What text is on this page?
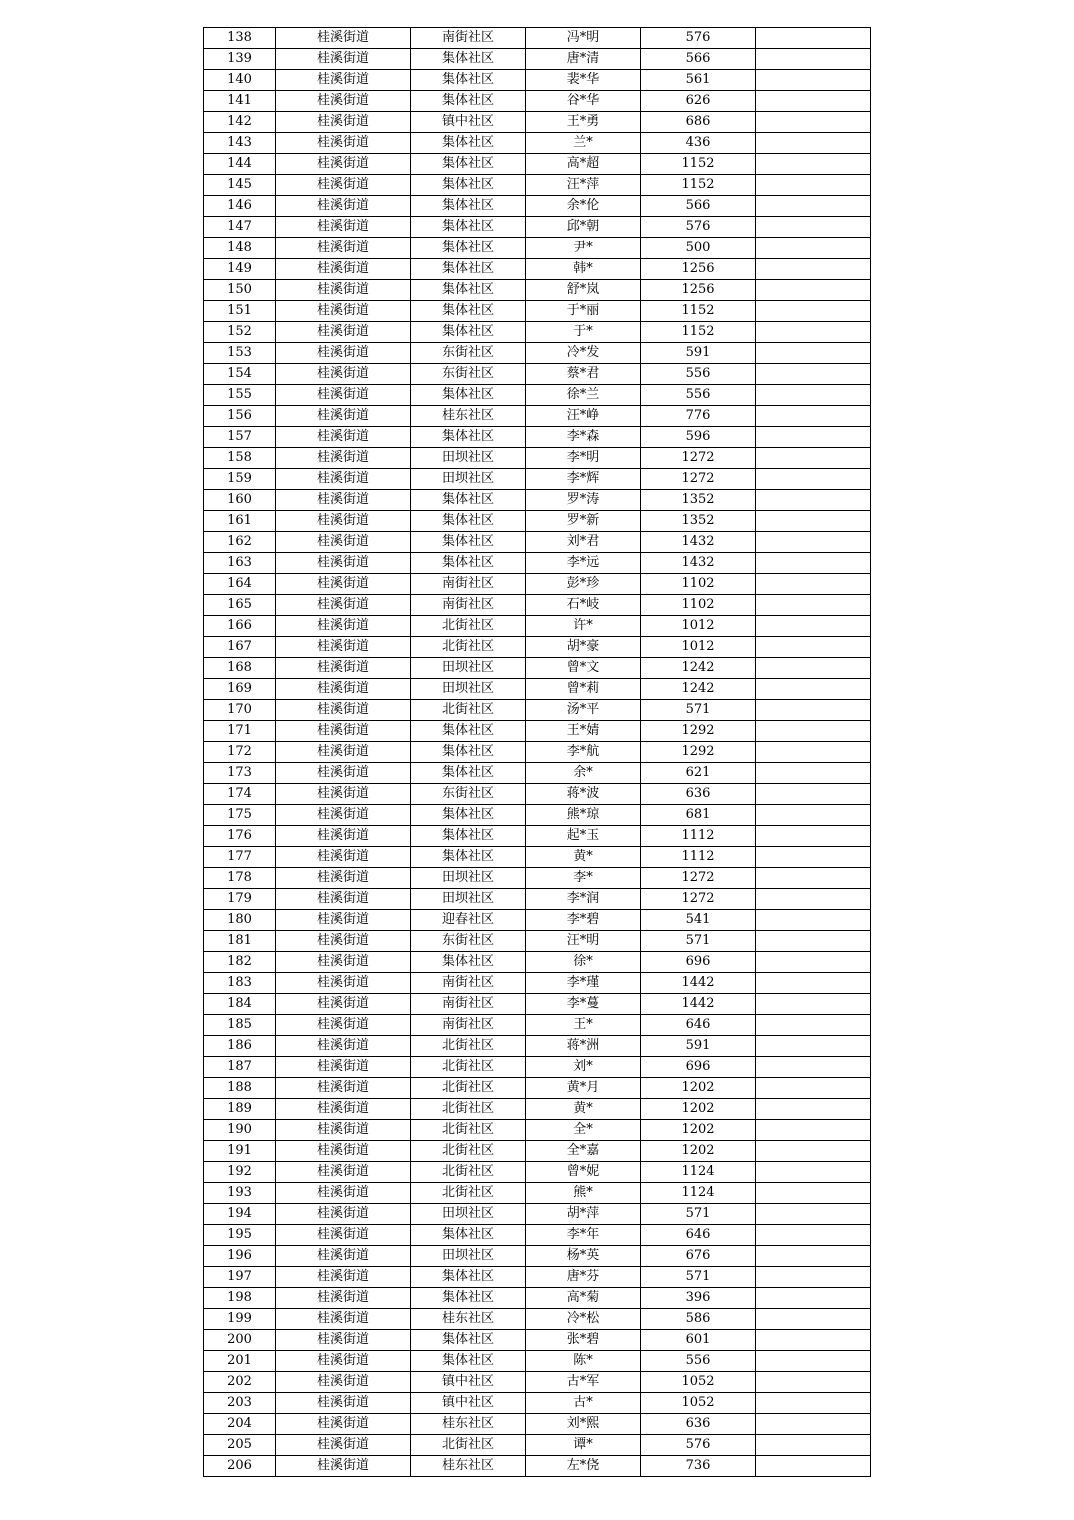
138	桂溪街道	南街社区	冯*明	576	
139	桂溪街道	集体社区	唐*清	566	
140	桂溪街道	集体社区	裴*华	561	
141	桂溪街道	集体社区	谷*华	626	
142	桂溪街道	镇中社区	王*勇	686	
143	桂溪街道	集体社区	兰*	436	
144	桂溪街道	集体社区	高*超	1152	
145	桂溪街道	集体社区	汪*萍	1152	
146	桂溪街道	集体社区	余*伦	566	
147	桂溪街道	集体社区	邱*朝	576	
148	桂溪街道	集体社区	尹*	500	
149	桂溪街道	集体社区	韩*	1256	
150	桂溪街道	集体社区	舒*岚	1256	
151	桂溪街道	集体社区	于*丽	1152	
152	桂溪街道	集体社区	于*	1152	
153	桂溪街道	东街社区	冷*发	591	
154	桂溪街道	东街社区	蔡*君	556	
155	桂溪街道	集体社区	徐*兰	556	
156	桂溪街道	桂东社区	汪*峥	776	
157	桂溪街道	集体社区	李*森	596	
158	桂溪街道	田坝社区	李*明	1272	
159	桂溪街道	田坝社区	李*辉	1272	
160	桂溪街道	集体社区	罗*涛	1352	
161	桂溪街道	集体社区	罗*新	1352	
162	桂溪街道	集体社区	刘*君	1432	
163	桂溪街道	集体社区	李*远	1432	
164	桂溪街道	南街社区	彭*珍	1102	
165	桂溪街道	南街社区	石*岐	1102	
166	桂溪街道	北街社区	许*	1012	
167	桂溪街道	北街社区	胡*豪	1012	
168	桂溪街道	田坝社区	曾*文	1242	
169	桂溪街道	田坝社区	曾*莉	1242	
170	桂溪街道	北街社区	汤*平	571	
171	桂溪街道	集体社区	王*婧	1292	
172	桂溪街道	集体社区	李*航	1292	
173	桂溪街道	集体社区	余*	621	
174	桂溪街道	东街社区	蒋*波	636	
175	桂溪街道	集体社区	熊*琼	681	
176	桂溪街道	集体社区	起*玉	1112	
177	桂溪街道	集体社区	黄*	1112	
178	桂溪街道	田坝社区	李*	1272	
179	桂溪街道	田坝社区	李*润	1272	
180	桂溪街道	迎春社区	李*碧	541	
181	桂溪街道	东街社区	汪*明	571	
182	桂溪街道	集体社区	徐*	696	
183	桂溪街道	南街社区	李*瑾	1442	
184	桂溪街道	南街社区	李*蔓	1442	
185	桂溪街道	南街社区	王*	646	
186	桂溪街道	北街社区	蒋*洲	591	
187	桂溪街道	北街社区	刘*	696	
188	桂溪街道	北街社区	黄*月	1202	
189	桂溪街道	北街社区	黄*	1202	
190	桂溪街道	北街社区	全*	1202	
191	桂溪街道	北街社区	全*嘉	1202	
192	桂溪街道	北街社区	曾*妮	1124	
193	桂溪街道	北街社区	熊*	1124	
194	桂溪街道	田坝社区	胡*萍	571	
195	桂溪街道	集体社区	李*年	646	
196	桂溪街道	田坝社区	杨*英	676	
197	桂溪街道	集体社区	唐*芬	571	
198	桂溪街道	集体社区	高*菊	396	
199	桂溪街道	桂东社区	冷*松	586	
200	桂溪街道	集体社区	张*碧	601	
201	桂溪街道	集体社区	陈*	556	
202	桂溪街道	镇中社区	古*军	1052	
203	桂溪街道	镇中社区	古*	1052	
204	桂溪街道	桂东社区	刘*熙	636	
205	桂溪街道	北街社区	谭*	576	
206	桂溪街道	桂东社区	左*侥	736	
